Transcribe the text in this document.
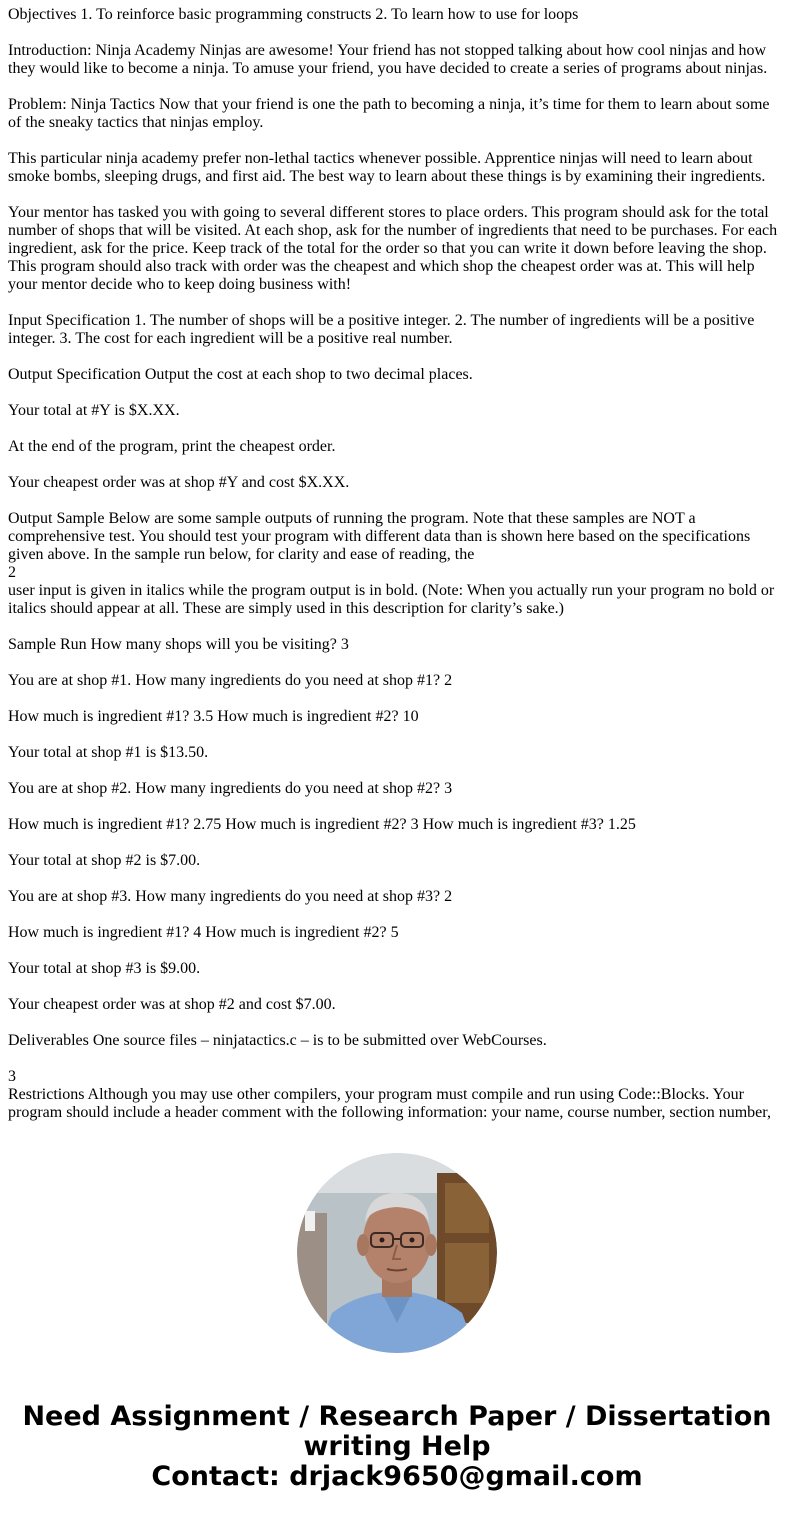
Objectives 1. To reinforce basic programming constructs 2. To learn how to use for loops

Introduction: Ninja Academy Ninjas are awesome! Your friend has not stopped talking about how cool ninjas and how they would like to become a ninja. To amuse your friend, you have decided to create a series of programs about ninjas.

Problem: Ninja Tactics Now that your friend is one the path to becoming a ninja, it’s time for them to learn about some of the sneaky tactics that ninjas employ.

This particular ninja academy prefer non-lethal tactics whenever possible. Apprentice ninjas will need to learn about smoke bombs, sleeping drugs, and first aid. The best way to learn about these things is by examining their ingredients.

Your mentor has tasked you with going to several different stores to place orders. This program should ask for the total number of shops that will be visited. At each shop, ask for the number of ingredients that need to be purchases. For each ingredient, ask for the price. Keep track of the total for the order so that you can write it down before leaving the shop. This program should also track with order was the cheapest and which shop the cheapest order was at. This will help your mentor decide who to keep doing business with!

Input Specification 1. The number of shops will be a positive integer. 2. The number of ingredients will be a positive integer. 3. The cost for each ingredient will be a positive real number.

Output Specification Output the cost at each shop to two decimal places.

Your total at #Y is $X.XX.

At the end of the program, print the cheapest order.

Your cheapest order was at shop #Y and cost $X.XX.

Output Sample Below are some sample outputs of running the program. Note that these samples are NOT a comprehensive test. You should test your program with different data than is shown here based on the specifications given above. In the sample run below, for clarity and ease of reading, the

2

user input is given in italics while the program output is in bold. (Note: When you actually run your program no bold or italics should appear at all. These are simply used in this description for clarity’s sake.)

Sample Run How many shops will you be visiting? 3

You are at shop #1. How many ingredients do you need at shop #1? 2

How much is ingredient #1? 3.5 How much is ingredient #2? 10

Your total at shop #1 is $13.50.

You are at shop #2. How many ingredients do you need at shop #2? 3

How much is ingredient #1? 2.75 How much is ingredient #2? 3 How much is ingredient #3? 1.25

Your total at shop #2 is $7.00.

You are at shop #3. How many ingredients do you need at shop #3? 2

How much is ingredient #1? 4 How much is ingredient #2? 5

Your total at shop #3 is $9.00.

Your cheapest order was at shop #2 and cost $7.00.

Deliverables One source files – ninjatactics.c – is to be submitted over WebCourses.

3

Restrictions Although you may use other compilers, your program must compile and run using Code::Blocks. Your program should include a header comment with the following information: your name, course number, section number,

Need Assignment / Research Paper / Dissertation
writing Help
Contact: drjack9650@gmail.com
